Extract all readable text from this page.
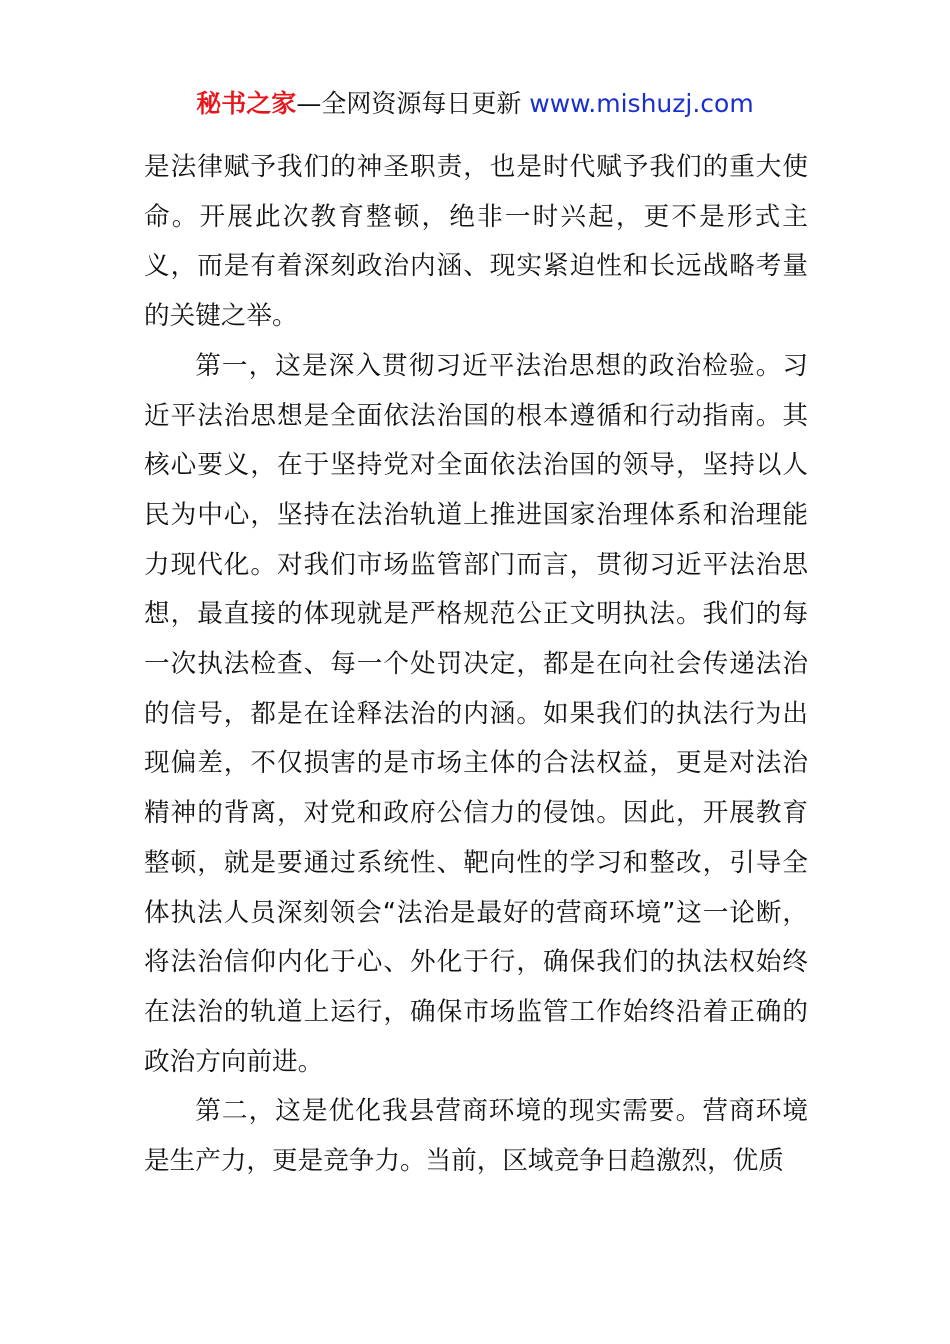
秘书之家—全网资源每日更新 www.mishuzj.com

是法律赋予我们的神圣职责，也是时代赋予我们的重大使命。开展此次教育整顿，绝非一时兴起，更不是形式主义，而是有着深刻政治内涵、现实紧迫性和长远战略考量的关键之举。

第一，这是深入贯彻习近平法治思想的政治检验。习近平法治思想是全面依法治国的根本遵循和行动指南。其核心要义，在于坚持党对全面依法治国的领导，坚持以人民为中心，坚持在法治轨道上推进国家治理体系和治理能力现代化。对我们市场监管部门而言，贯彻习近平法治思想，最直接的体现就是严格规范公正文明执法。我们的每一次执法检查、每一个处罚决定，都是在向社会传递法治的信号，都是在诠释法治的内涵。如果我们的执法行为出现偏差，不仅损害的是市场主体的合法权益，更是对法治精神的背离，对党和政府公信力的侵蚀。因此，开展教育整顿，就是要通过系统性、靶向性的学习和整改，引导全体执法人员深刻领会“法治是最好的营商环境”这一论断，将法治信仰内化于心、外化于行，确保我们的执法权始终在法治的轨道上运行，确保市场监管工作始终沿着正确的政治方向前进。

第二，这是优化我县营商环境的现实需要。营商环境是生产力，更是竞争力。当前，区域竞争日趋激烈，优质
